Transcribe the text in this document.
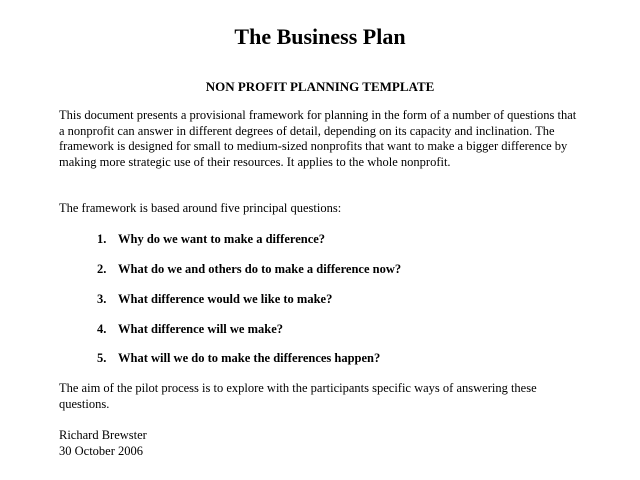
The Business Plan
NON PROFIT PLANNING TEMPLATE

This document presents a provisional framework for planning in the form of a number of questions that a nonprofit can answer in different degrees of detail, depending on its capacity and inclination. The framework is designed for small to medium-sized nonprofits that want to make a bigger difference by making more strategic use of their resources. It applies to the whole nonprofit.

The framework is based around five principal questions:

1. Why do we want to make a difference?
2. What do we and others do to make a difference now?
3. What difference would we like to make?
4. What difference will we make?
5. What will we do to make the differences happen?

The aim of the pilot process is to explore with the participants specific ways of answering these questions.

Richard Brewster
30 October 2006
